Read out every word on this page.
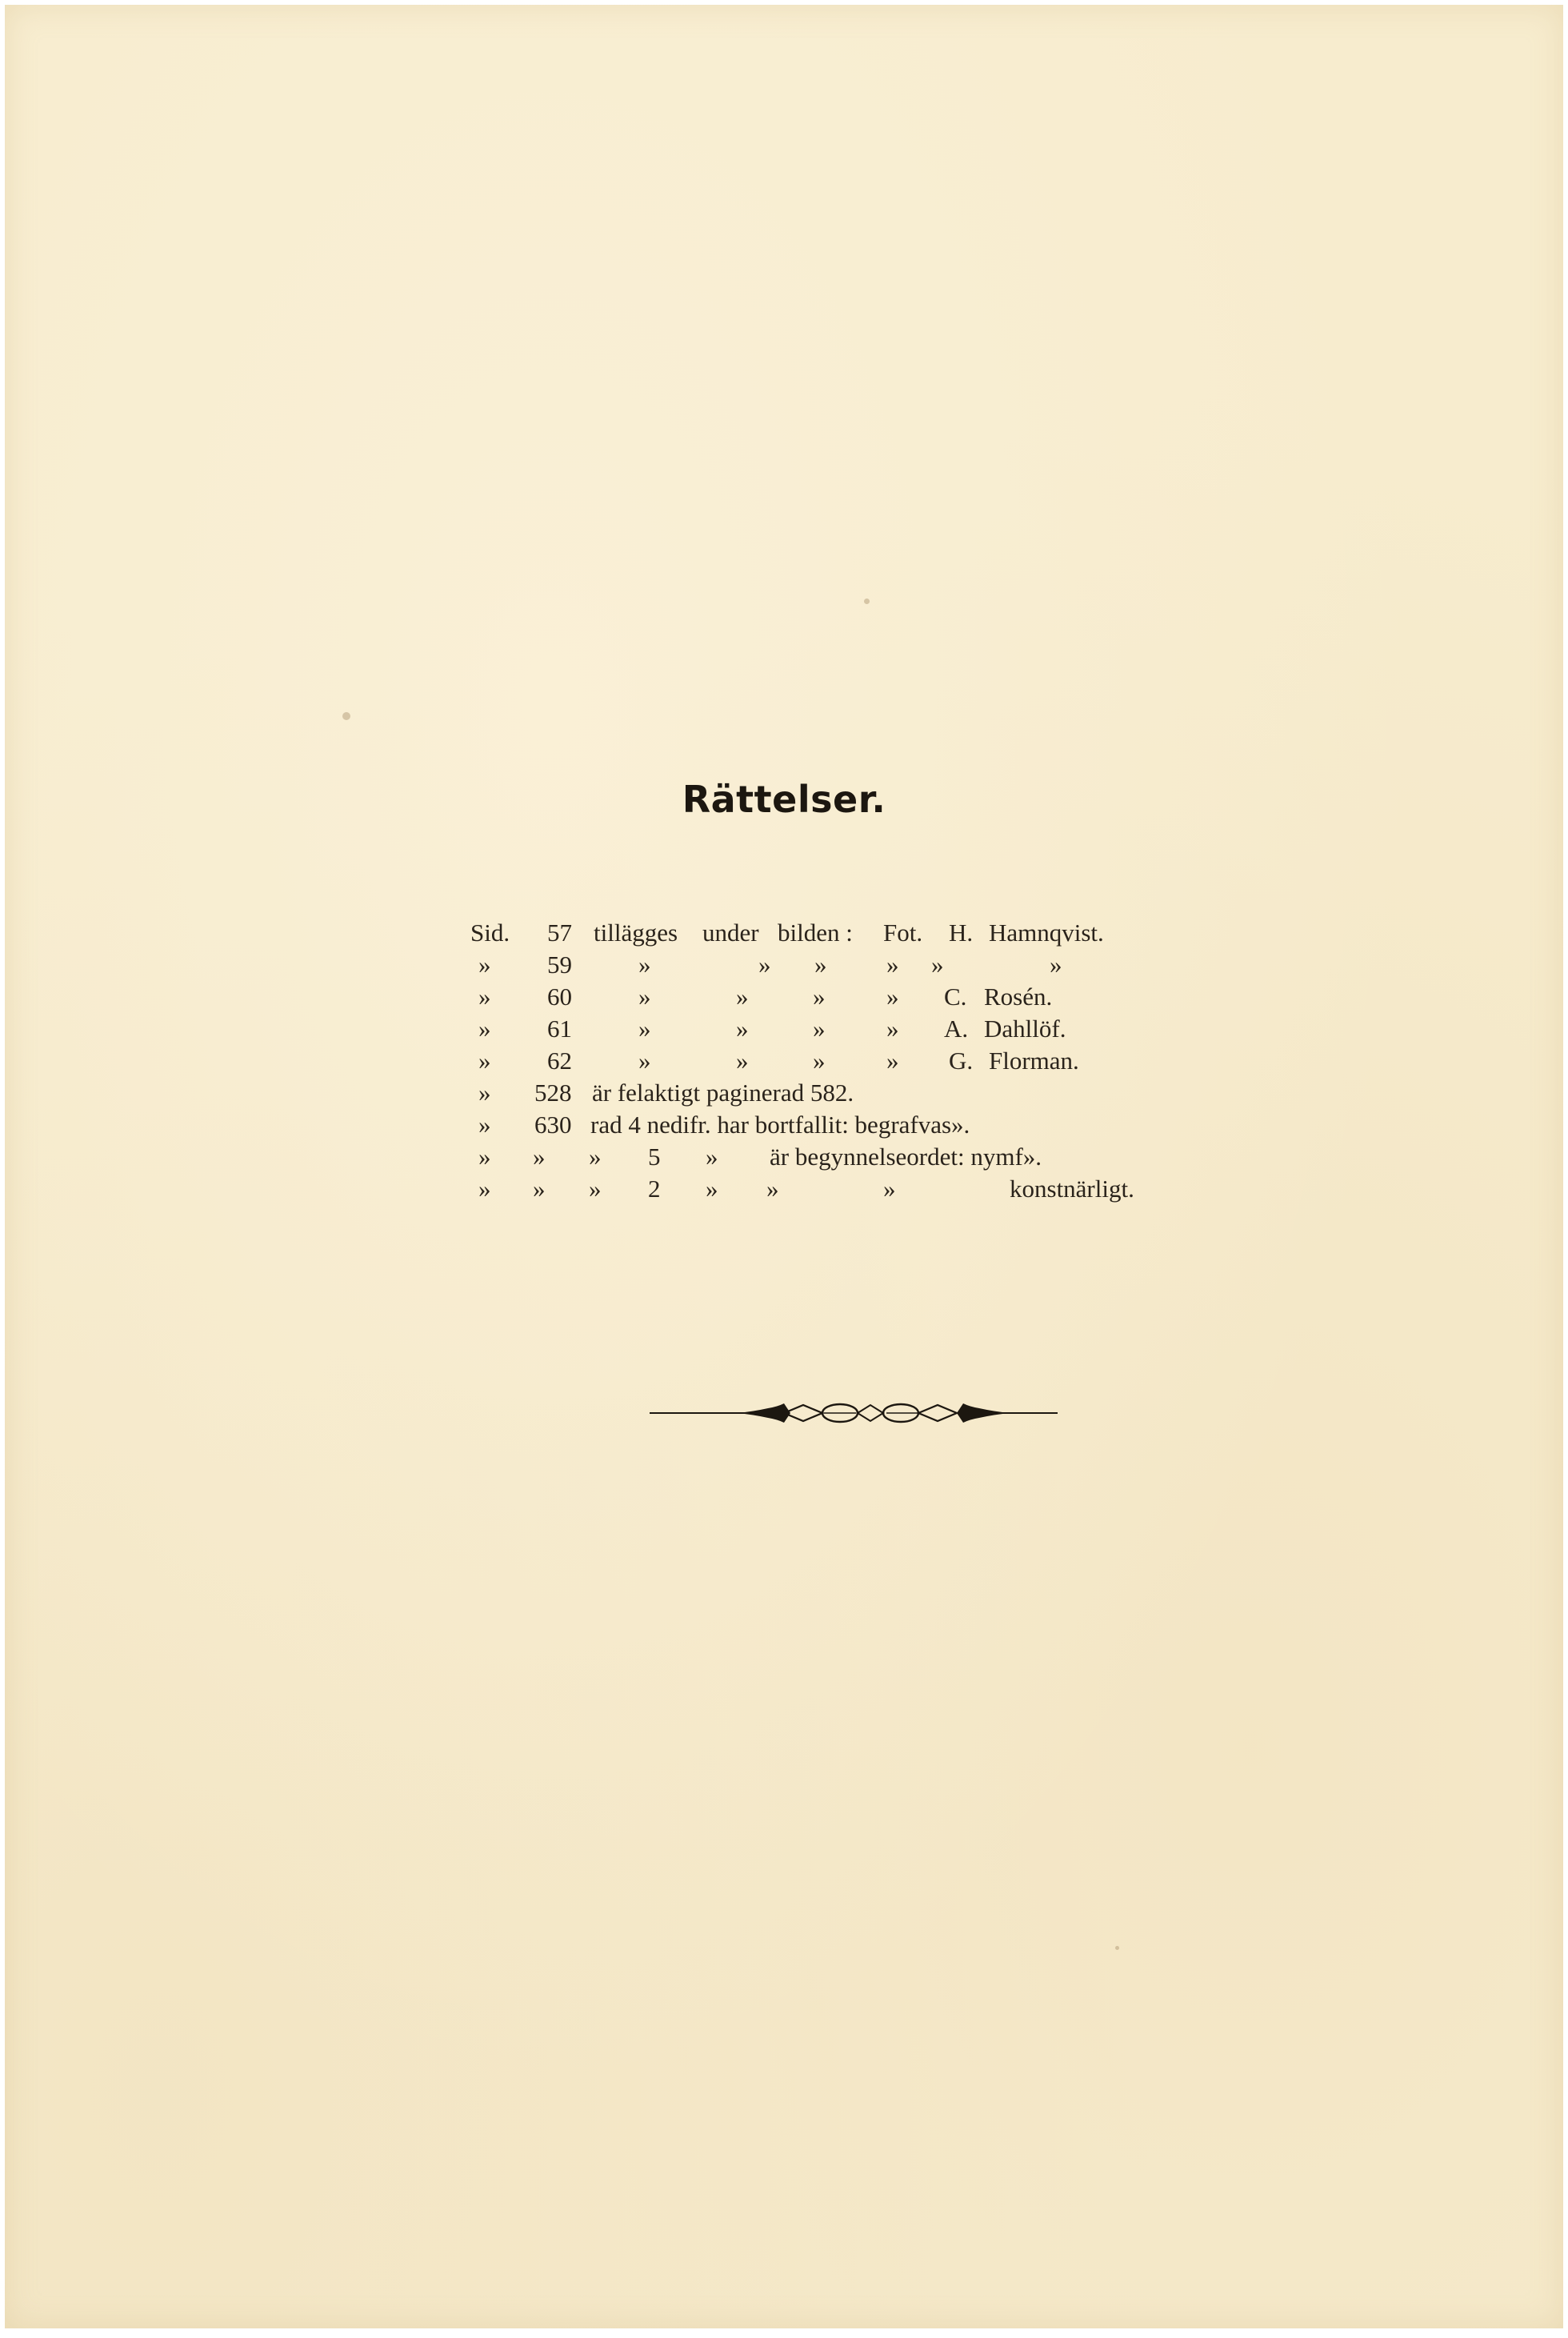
Rättelser.
Sid. 57 tillägges under bilden : Fot. H. Hamnqvist.
» 59	»	» » » »	»
» 60	»	»	» » C. Rosén.
» 61	»	»	» » A. Dahllöf.
» 62	»	»	» » G. Florman.
» 528 är felaktigt paginerad 582.
» 630 rad 4 nedifr. har bortfallit: begrafvas».
» » » 5 » är begynnelseordet: nymf».
» » » 2 » »	»	konstnärligt.
